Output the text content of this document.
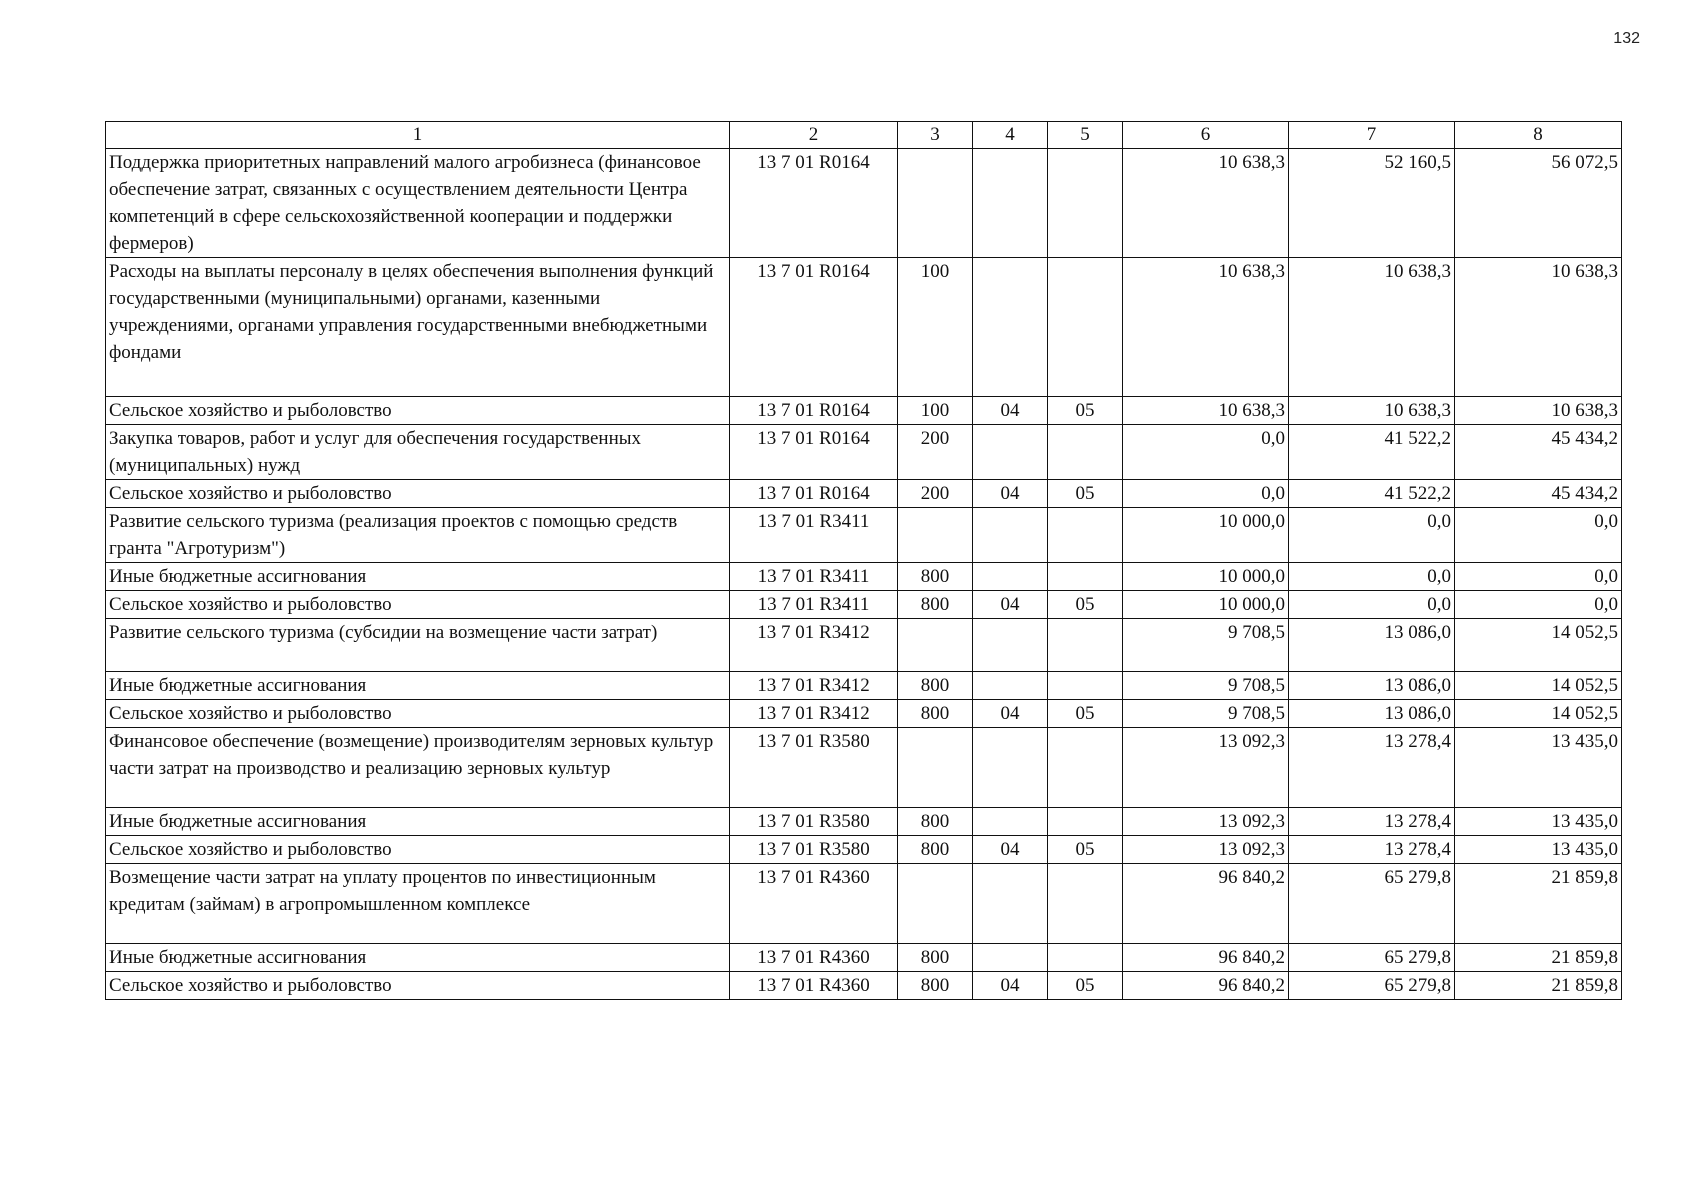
132
1	2	3	4	5	6	7	8
Поддержка приоритетных направлений малого агробизнеса (финансовое обеспечение затрат, связанных с осуществлением деятельности Центра компетенций в сфере сельскохозяйственной кооперации и поддержки фермеров)	13 7 01 R0164				10 638,3	52 160,5	56 072,5
Расходы на выплаты персоналу в целях обеспечения выполнения функций государственными (муниципальными) органами, казенными учреждениями, органами управления государственными внебюджетными фондами	13 7 01 R0164	100			10 638,3	10 638,3	10 638,3
Сельское хозяйство и рыболовство	13 7 01 R0164	100	04	05	10 638,3	10 638,3	10 638,3
Закупка товаров, работ и услуг для обеспечения государственных (муниципальных) нужд	13 7 01 R0164	200			0,0	41 522,2	45 434,2
Сельское хозяйство и рыболовство	13 7 01 R0164	200	04	05	0,0	41 522,2	45 434,2
Развитие сельского туризма (реализация проектов с помощью средств гранта "Агротуризм")	13 7 01 R3411				10 000,0	0,0	0,0
Иные бюджетные ассигнования	13 7 01 R3411	800			10 000,0	0,0	0,0
Сельское хозяйство и рыболовство	13 7 01 R3411	800	04	05	10 000,0	0,0	0,0
Развитие сельского туризма (субсидии на возмещение части затрат)	13 7 01 R3412				9 708,5	13 086,0	14 052,5
Иные бюджетные ассигнования	13 7 01 R3412	800			9 708,5	13 086,0	14 052,5
Сельское хозяйство и рыболовство	13 7 01 R3412	800	04	05	9 708,5	13 086,0	14 052,5
Финансовое обеспечение (возмещение) производителям зерновых культур части затрат на производство и реализацию зерновых культур	13 7 01 R3580				13 092,3	13 278,4	13 435,0
Иные бюджетные ассигнования	13 7 01 R3580	800			13 092,3	13 278,4	13 435,0
Сельское хозяйство и рыболовство	13 7 01 R3580	800	04	05	13 092,3	13 278,4	13 435,0
Возмещение части затрат на уплату процентов по инвестиционным кредитам (займам) в агропромышленном комплексе	13 7 01 R4360				96 840,2	65 279,8	21 859,8
Иные бюджетные ассигнования	13 7 01 R4360	800			96 840,2	65 279,8	21 859,8
Сельское хозяйство и рыболовство	13 7 01 R4360	800	04	05	96 840,2	65 279,8	21 859,8
